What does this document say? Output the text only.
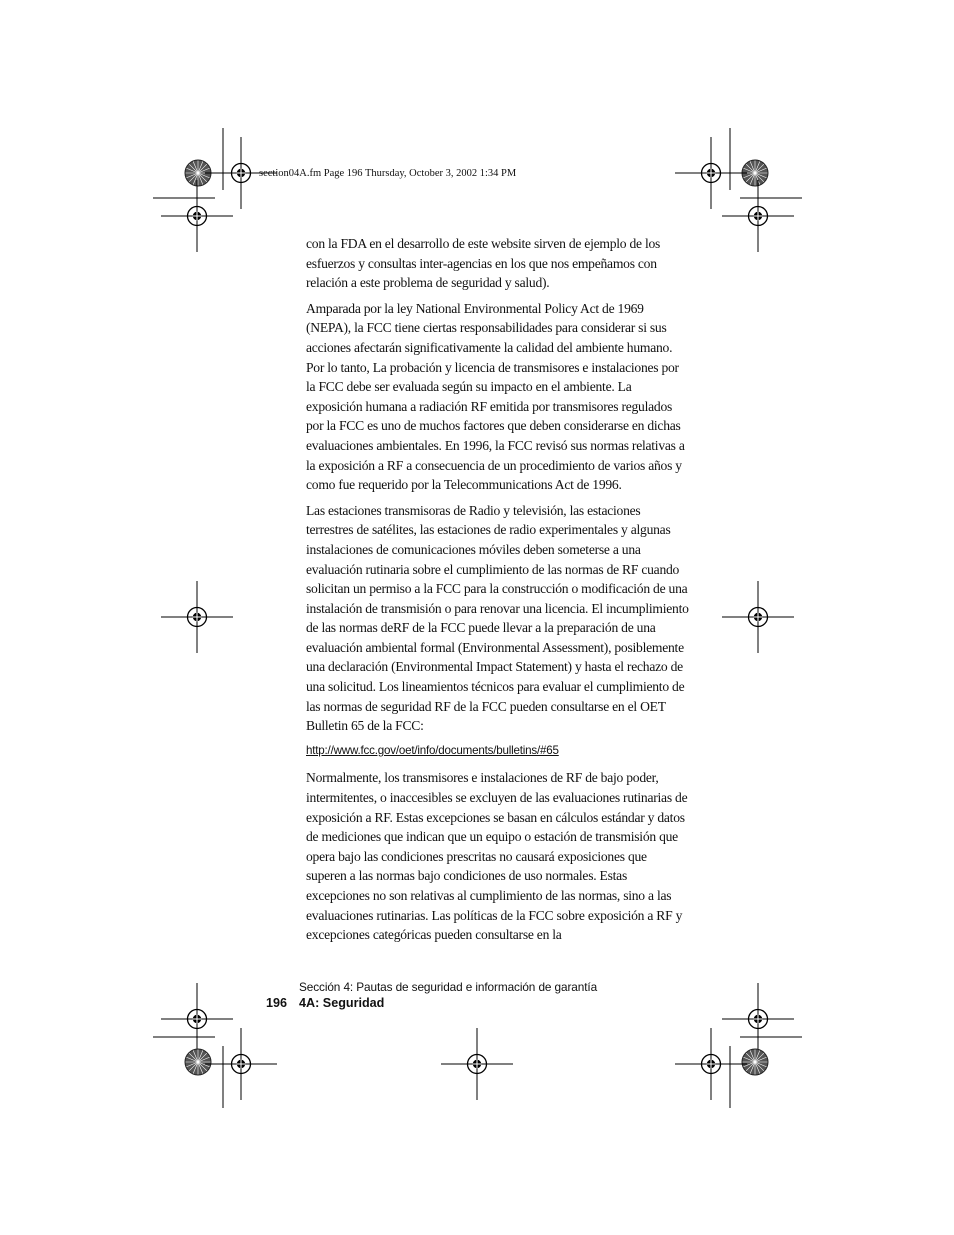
section04A.fm Page 196 Thursday, October 3, 2002 1:34 PM

con la FDA en el desarrollo de este website sirven de ejemplo de los esfuerzos y consultas inter-agencias en los que nos empeñamos con relación a este problema de seguridad y salud).

Amparada por la ley National Environmental Policy Act de 1969 (NEPA), la FCC tiene ciertas responsabilidades para considerar si sus acciones afectarán significativamente la calidad del ambiente humano. Por lo tanto, La probación y licencia de transmisores e instalaciones por la FCC debe ser evaluada según su impacto en el ambiente. La exposición humana a radiación RF emitida por transmisores regulados por la FCC es uno de muchos factores que deben considerarse en dichas evaluaciones ambientales. En 1996, la FCC revisó sus normas relativas a la exposición a RF a consecuencia de un procedimiento de varios años y como fue requerido por la Telecommunications Act de 1996.

Las estaciones transmisoras de Radio y televisión, las estaciones terrestres de satélites, las estaciones de radio experimentales y algunas instalaciones de comunicaciones móviles deben someterse a una evaluación rutinaria sobre el cumplimiento de las normas de RF cuando solicitan un permiso a la FCC para la construcción o modificación de una instalación de transmisión o para renovar una licencia. El incumplimiento de las normas deRF de la FCC puede llevar a la preparación de una evaluación ambiental formal (Environmental Assessment), posiblemente una declaración (Environmental Impact Statement) y hasta el rechazo de una solicitud. Los lineamientos técnicos para evaluar el cumplimiento de las normas de seguridad RF de la FCC pueden consultarse en el OET Bulletin 65 de la FCC:

http://www.fcc.gov/oet/info/documents/bulletins/#65

Normalmente, los transmisores e instalaciones de RF de bajo poder, intermitentes, o inaccesibles se excluyen de las evaluaciones rutinarias de exposición a RF. Estas excepciones se basan en cálculos estándar y datos de mediciones que indican que un equipo o estación de transmisión que opera bajo las condiciones prescritas no causará exposiciones que superen a las normas bajo condiciones de uso normales. Estas excepciones no son relativas al cumplimiento de las normas, sino a las evaluaciones rutinarias. Las políticas de la FCC sobre exposición a RF y excepciones categóricas pueden consultarse en la

Sección 4: Pautas de seguridad e información de garantía
196 4A: Seguridad
